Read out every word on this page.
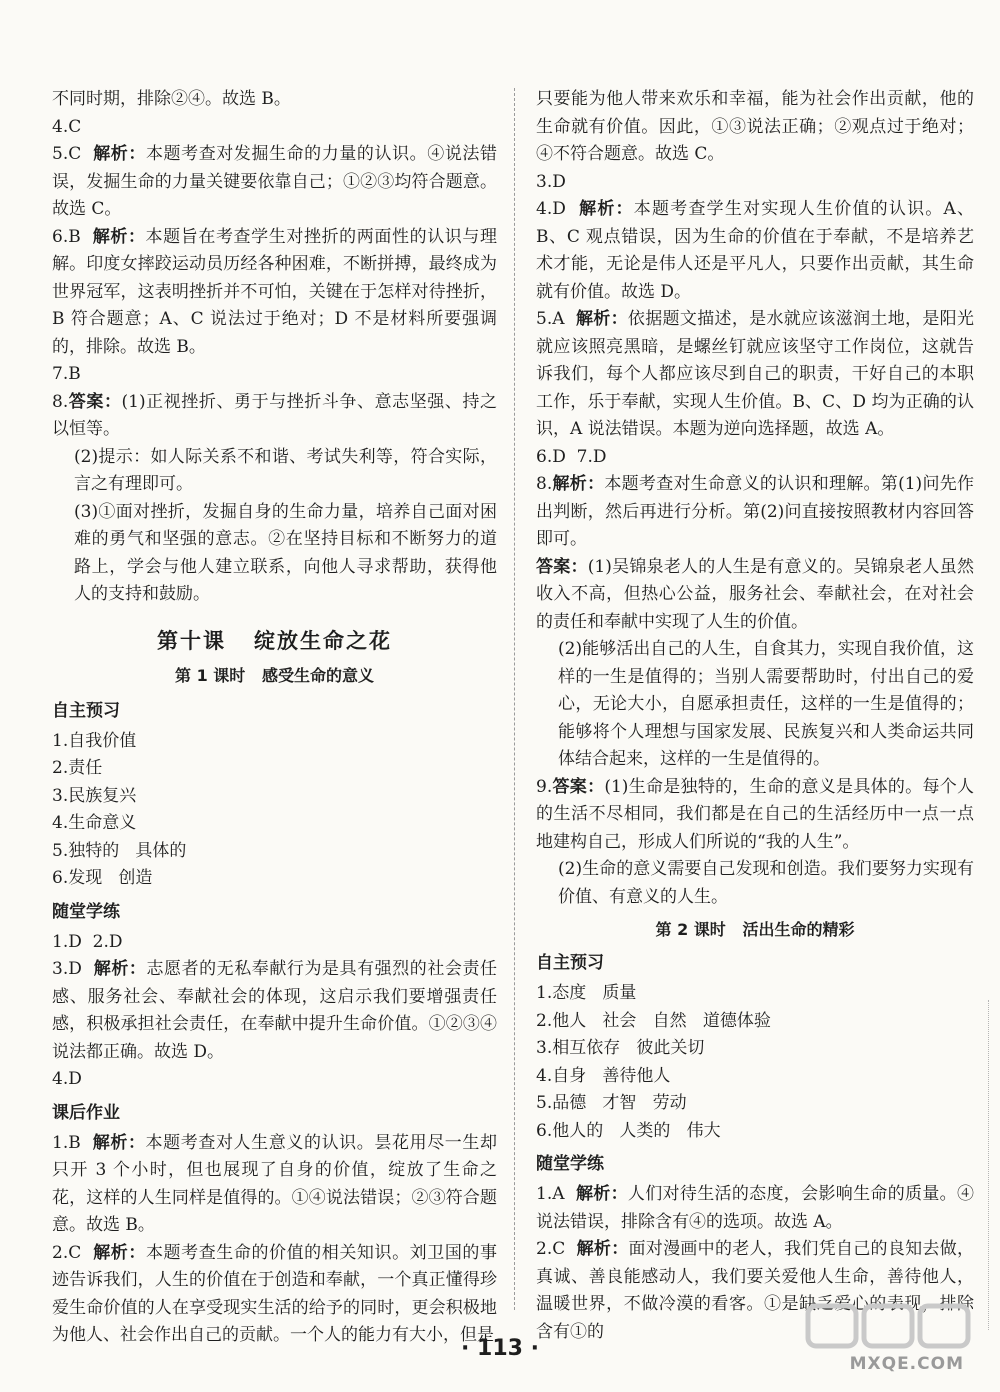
不同时期，排除②④。故选 B。

4.C

5.C  解析：本题考查对发掘生命的力量的认识。④说法错误，发掘生命的力量关键要依靠自己；①②③均符合题意。故选 C。

6.B  解析：本题旨在考查学生对挫折的两面性的认识与理解。印度女摔跤运动员历经各种困难，不断拼搏，最终成为世界冠军，这表明挫折并不可怕，关键在于怎样对待挫折，B 符合题意；A、C 说法过于绝对；D 不是材料所要强调的，排除。故选 B。

7.B

8.答案：(1)正视挫折、勇于与挫折斗争、意志坚强、持之以恒等。

(2)提示：如人际关系不和谐、考试失利等，符合实际，言之有理即可。

(3)①面对挫折，发掘自身的生命力量，培养自己面对困难的勇气和坚强的意志。②在坚持目标和不断努力的道路上，学会与他人建立联系，向他人寻求帮助，获得他人的支持和鼓励。

第十课   绽放生命之花
第 1 课时   感受生命的意义
自主预习

1.自我价值

2.责任

3.民族复兴

4.生命意义

5.独特的   具体的

6.发现   创造

随堂学练

1.D  2.D

3.D  解析：志愿者的无私奉献行为是具有强烈的社会责任感、服务社会、奉献社会的体现，这启示我们要增强责任感，积极承担社会责任，在奉献中提升生命价值。①②③④说法都正确。故选 D。

4.D

课后作业

1.B  解析：本题考查对人生意义的认识。昙花用尽一生却只开 3 个小时，但也展现了自身的价值，绽放了生命之花，这样的人生同样是值得的。①④说法错误；②③符合题意。故选 B。

2.C  解析：本题考查生命的价值的相关知识。刘卫国的事迹告诉我们，人生的价值在于创造和奉献，一个真正懂得珍爱生命价值的人在享受现实生活的给予的同时，更会积极地为他人、社会作出自己的贡献。一个人的能力有大小，但是

只要能为他人带来欢乐和幸福，能为社会作出贡献，他的生命就有价值。因此，①③说法正确；②观点过于绝对；④不符合题意。故选 C。

3.D

4.D  解析：本题考查学生对实现人生价值的认识。A、B、C 观点错误，因为生命的价值在于奉献，不是培养艺术才能，无论是伟人还是平凡人，只要作出贡献，其生命就有价值。故选 D。

5.A  解析：依据题文描述，是水就应该滋润土地，是阳光就应该照亮黑暗，是螺丝钉就应该坚守工作岗位，这就告诉我们，每个人都应该尽到自己的职责，干好自己的本职工作，乐于奉献，实现人生价值。B、C、D 均为正确的认识，A 说法错误。本题为逆向选择题，故选 A。

6.D  7.D

8.解析：本题考查对生命意义的认识和理解。第(1)问先作出判断，然后再进行分析。第(2)问直接按照教材内容回答即可。

答案：(1)吴锦泉老人的人生是有意义的。吴锦泉老人虽然收入不高，但热心公益，服务社会、奉献社会，在对社会的责任和奉献中实现了人生的价值。

(2)能够活出自己的人生，自食其力，实现自我价值，这样的一生是值得的；当别人需要帮助时，付出自己的爱心，无论大小，自愿承担责任，这样的一生是值得的；能够将个人理想与国家发展、民族复兴和人类命运共同体结合起来，这样的一生是值得的。

9.答案：(1)生命是独特的，生命的意义是具体的。每个人的生活不尽相同，我们都是在自己的生活经历中一点一点地建构自己，形成人们所说的“我的人生”。

(2)生命的意义需要自己发现和创造。我们要努力实现有价值、有意义的人生。

第 2 课时   活出生命的精彩
自主预习

1.态度   质量

2.他人   社会   自然   道德体验

3.相互依存   彼此关切

4.自身   善待他人

5.品德   才智   劳动

6.他人的   人类的   伟大

随堂学练

1.A  解析：人们对待生活的态度，会影响生命的质量。④说法错误，排除含有④的选项。故选 A。

2.C  解析：面对漫画中的老人，我们凭自己的良知去做，真诚、善良能感动人，我们要关爱他人生命，善待他人，温暖世界，不做冷漠的看客。①是缺乏爱心的表现，排除含有①的

· 113 ·
MXQE.COM
